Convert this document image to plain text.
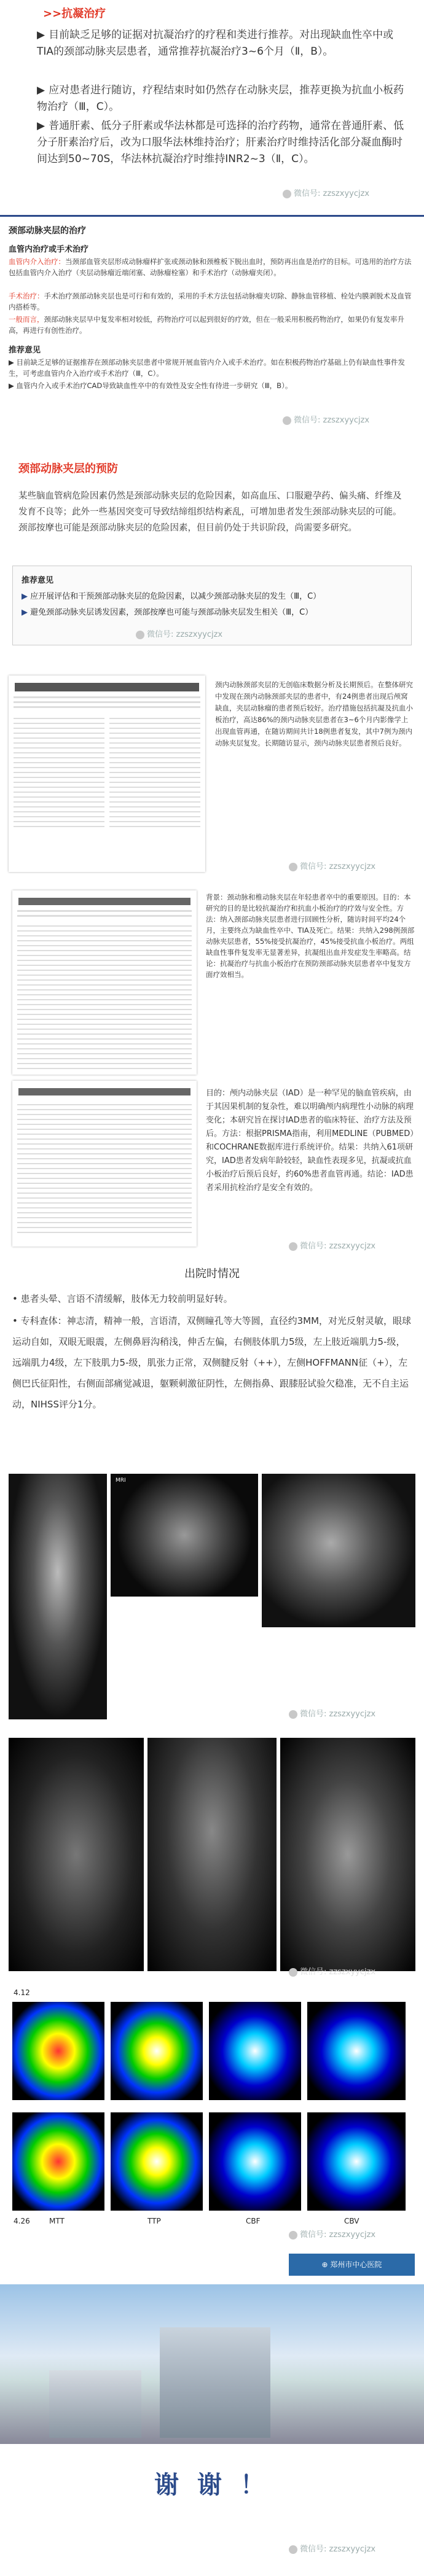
>>抗凝治疗
▶ 目前缺乏足够的证据对抗凝治疗的疗程和类进行推荐。对出现缺血性卒中或TIA的颈部动脉夹层患者，通常推荐抗凝治疗3~6个月（Ⅱ，B）。
▶ 应对患者进行随访，疗程结束时如仍然存在动脉夹层，推荐更换为抗血小板药物治疗（Ⅲ，C）。
▶ 普通肝素、低分子肝素或华法林都是可选择的治疗药物，通常在普通肝素、低分子肝素治疗后，改为口服华法林维持治疗；肝素治疗时维持活化部分凝血酶时间达到50~70S，华法林抗凝治疗时维持INR2~3（Ⅱ，C）。
微信号: zzszxyycjzx
颈部动脉夹层的治疗
血管内治疗或手术治疗
血管内介入治疗：当颈部血管夹层形成动脉瘤样扩张或颈动脉和颈椎板下脱出血时，预防再出血是治疗的目标。可选用的治疗方法包括血管内介入治疗（夹层动脉瘤近端闭塞、动脉瘤栓塞）和手术治疗（动脉瘤夹闭）。
手术治疗：手术治疗颈部动脉夹层也是可行和有效的，采用的手术方法包括动脉瘤夹切除、静脉血管移植、栓处内膜剥脱术及血管内搭桥等。
一般而言，颈部动脉夹层早中复发率相对较低，药物治疗可以起到很好的疗效，但在一般采用积极药物治疗，如果仍有复发率升高，再进行有创性治疗。
推荐意见
▶ 目前缺乏足够的证据推荐在颈部动脉夹层患者中常规开展血管内介入或手术治疗。如在积极药物治疗基础上仍有缺血性事件发生，可考虑血管内介入治疗或手术治疗（Ⅲ，C）。
▶ 血管内介入或手术治疗CAD导致缺血性卒中的有效性及安全性有待进一步研究（Ⅲ，B）。
微信号: zzszxyycjzx
颈部动脉夹层的预防
某些脑血管病危险因素仍然是颈部动脉夹层的危险因素，如高血压、口服避孕药、偏头痛、纤维及发育不良等；此外一些基因突变可导致结缔组织结构紊乱，可增加患者发生颈部动脉夹层的可能。颈部按摩也可能是颈部动脉夹层的危险因素，但目前仍处于共识阶段，尚需要多研究。
推荐意见
▶ 应开展评估和干预颈部动脉夹层的危险因素，以减少颈部动脉夹层的发生（Ⅲ，C）
▶ 避免颈部动脉夹层诱发因素，颈部按摩也可能与颈部动脉夹层发生相关（Ⅲ，C）
微信号: zzszxyycjzx
颈内动脉颈部夹层的无创临床数据分析及长期预后。在整体研究中发现在颈内动脉颈部夹层的患者中，有24例患者出现后颅窝缺血，夹层动脉瘤的患者预后较好。治疗措施包括抗凝及抗血小板治疗，高达86%的颈内动脉夹层患者在3~6个月内影像学上出现血管再通，在随访期间共计18例患者复发，其中7例为颈内动脉夹层复发。长期随访显示，颈内动脉夹层患者预后良好。
微信号: zzszxyycjzx
背景：颈动脉和椎动脉夹层在年轻患者卒中的重要原因。目的：本研究的目的是比较抗凝治疗和抗血小板治疗的疗效与安全性。方法：纳入颈部动脉夹层患者进行回顾性分析，随访时间平均24个月，主要终点为缺血性卒中、TIA及死亡。结果：共纳入298例颈部动脉夹层患者，55%接受抗凝治疗，45%接受抗血小板治疗。两组缺血性事件复发率无显著差异，抗凝组出血并发症发生率略高。结论：抗凝治疗与抗血小板治疗在预防颈部动脉夹层患者卒中复发方面疗效相当。
目的：颅内动脉夹层（IAD）是一种罕见的脑血管疾病，由于其因果机制的复杂性，难以明确颅内病理性小动脉的病理变化；本研究旨在探讨IAD患者的临床特征、治疗方法及预后。方法：根据PRISMA指南，利用MEDLINE（PUBMED）和COCHRANE数据库进行系统评价。结果：共纳入61项研究，IAD患者发病年龄较轻，缺血性表现多见，抗凝或抗血小板治疗后预后良好，约60%患者血管再通。结论：IAD患者采用抗栓治疗是安全有效的。
微信号: zzszxyycjzx
出院时情况
• 患者头晕、言语不清缓解，肢体无力较前明显好转。
• 专科查体：神志清，精神一般，言语清，双侧瞳孔等大等圆，直径约3MM，对光反射灵敏，眼球运动自如，双眼无眼震，左侧鼻唇沟稍浅，伸舌左偏，右侧肢体肌力5级，左上肢近端肌力5-级，远端肌力4级，左下肢肌力5-级，肌张力正常，双侧腱反射（++），左侧HOFFMANN征（+），左侧巴氏征阳性，右侧面部痛觉减退，躯颗刺激征阴性，左侧指鼻、跟膝胫试验欠稳准，无不自主运动，NIHSS评分1分。
MRI
微信号: zzszxyycjzx
微信号: zzszxyycjzx
4.12
4.26	MTT	TTP	CBF	CBV
微信号: zzszxyycjzx
⊕ 郑州市中心医院
谢 谢 ！
微信号: zzszxyycjzx
